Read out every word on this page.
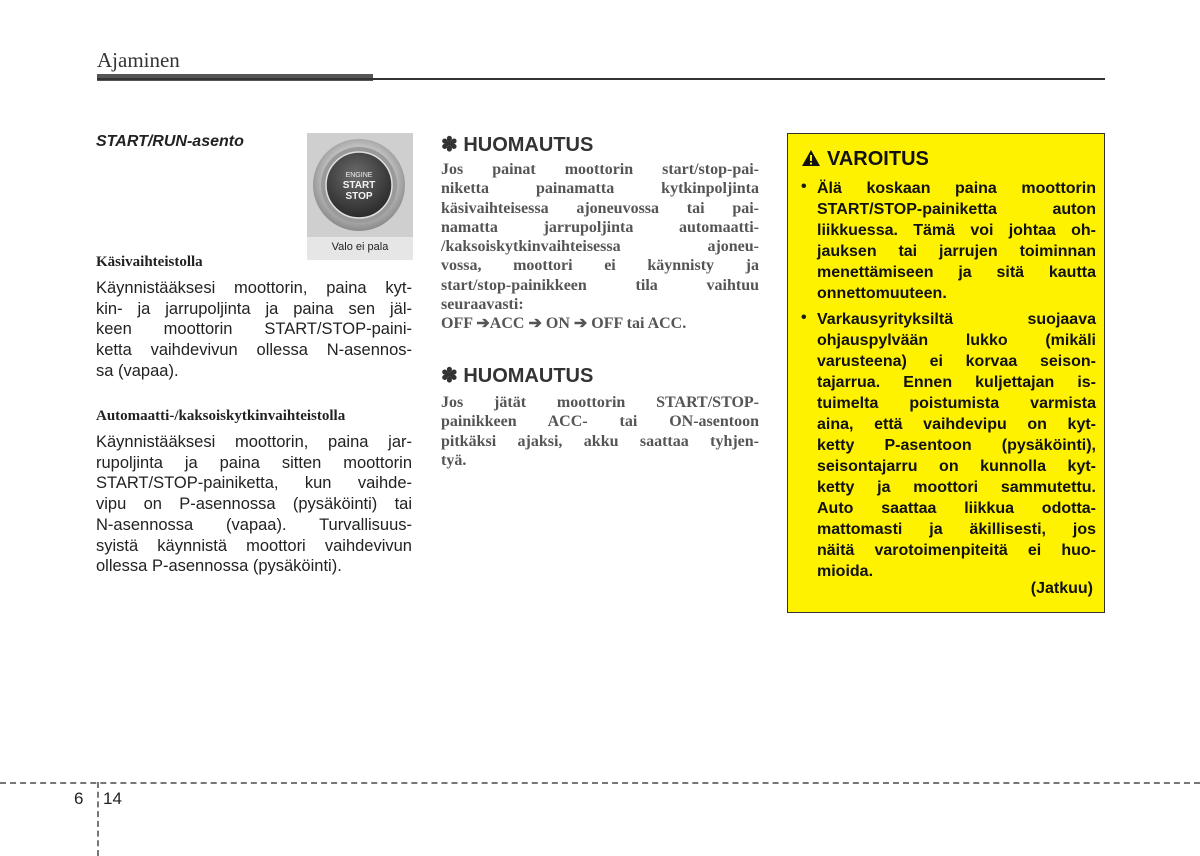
Ajaminen
START/RUN-asento
ENGINE
START
STOP
Valo ei pala
Käsivaihteistolla
Käynnistääksesi moottorin, paina kyt-
kin- ja jarrupoljinta ja paina sen jäl-
keen moottorin START/STOP-paini-
ketta vaihdevivun ollessa N-asennos-
sa (vapaa).
Automaatti-/kaksoiskytkinvaihteistolla
Käynnistääksesi moottorin, paina jar-
rupoljinta ja paina sitten moottorin
START/STOP-painiketta, kun vaihde-
vipu on P-asennossa (pysäköinti) tai
N-asennossa (vapaa). Turvallisuus-
syistä käynnistä moottori vaihdevivun
ollessa P-asennossa (pysäköinti).
✽ HUOMAUTUS
Jos painat moottorin start/stop-pai-
niketta painamatta kytkinpoljinta
käsivaihteisessa ajoneuvossa tai pai-
namatta jarrupoljinta automaatti-
/kaksoiskytkinvaihteisessa ajoneu-
vossa, moottori ei käynnisty ja
start/stop-painikkeen tila vaihtuu
seuraavasti:
OFF ➔ACC ➔ ON ➔ OFF tai ACC.
✽ HUOMAUTUS
Jos jätät moottorin START/STOP-
painikkeen ACC- tai ON-asentoon
pitkäksi ajaksi, akku saattaa tyhjen-
tyä.
VAROITUS
• Älä koskaan paina moottorin
START/STOP-painiketta auton
liikkuessa. Tämä voi johtaa oh-
jauksen tai jarrujen toiminnan
menettämiseen ja sitä kautta
onnettomuuteen.
• Varkausyrityksiltä suojaava
ohjauspylvään lukko (mikäli
varusteena) ei korvaa seison-
tajarrua. Ennen kuljettajan is-
tuimelta poistumista varmista
aina, että vaihdevipu on kyt-
ketty P-asentoon (pysäköinti),
seisontajarru on kunnolla kyt-
ketty ja moottori sammutettu.
Auto saattaa liikkua odotta-
mattomasti ja äkillisesti, jos
näitä varotoimenpiteitä ei huo-
mioida.
(Jatkuu)
6 14
